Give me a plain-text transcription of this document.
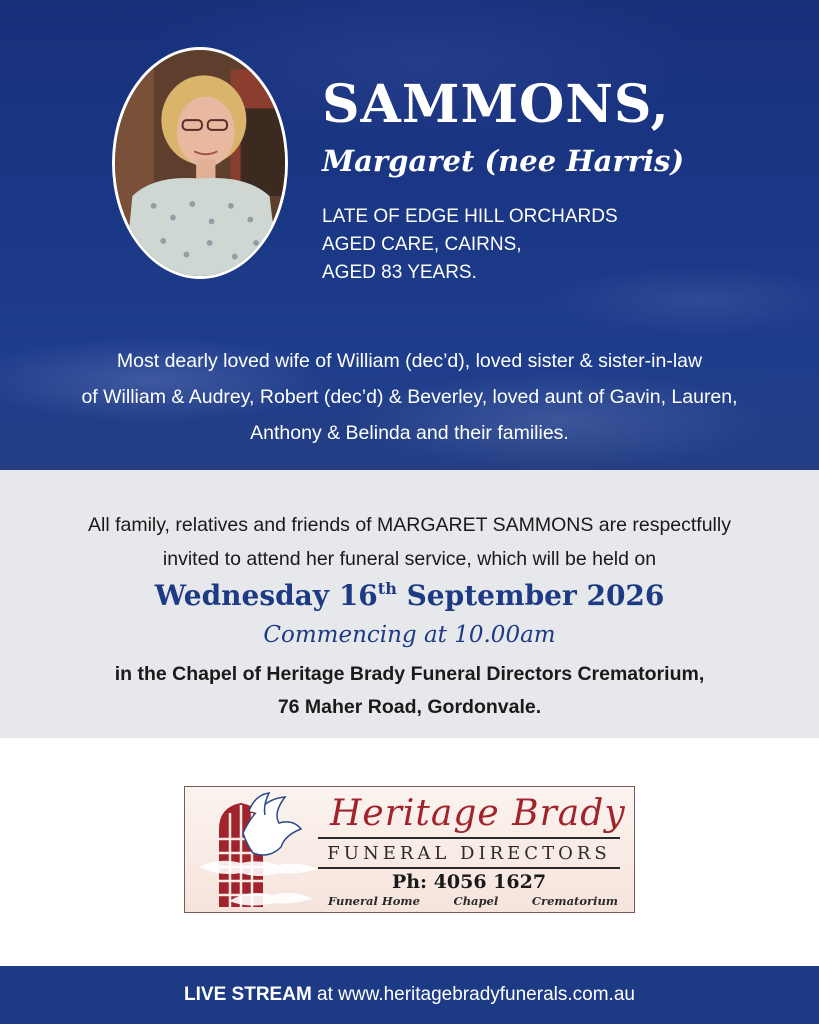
SAMMONS,
Margaret (nee Harris)
LATE OF EDGE HILL ORCHARDS
AGED CARE, CAIRNS,
AGED 83 YEARS.
Most dearly loved wife of William (dec’d), loved sister & sister-in-law
of William & Audrey, Robert (dec’d) & Beverley, loved aunt of Gavin, Lauren,
Anthony & Belinda and their families.
All family, relatives and friends of MARGARET SAMMONS are respectfully
invited to attend her funeral service, which will be held on
Wednesday 16th September 2026
Commencing at 10.00am
in the Chapel of Heritage Brady Funeral Directors Crematorium,
76 Maher Road, Gordonvale.
Heritage Brady
FUNERAL DIRECTORS
Ph: 4056 1627
Funeral Home	Chapel	Crematorium
LIVE STREAM at www.heritagebradyfunerals.com.au
